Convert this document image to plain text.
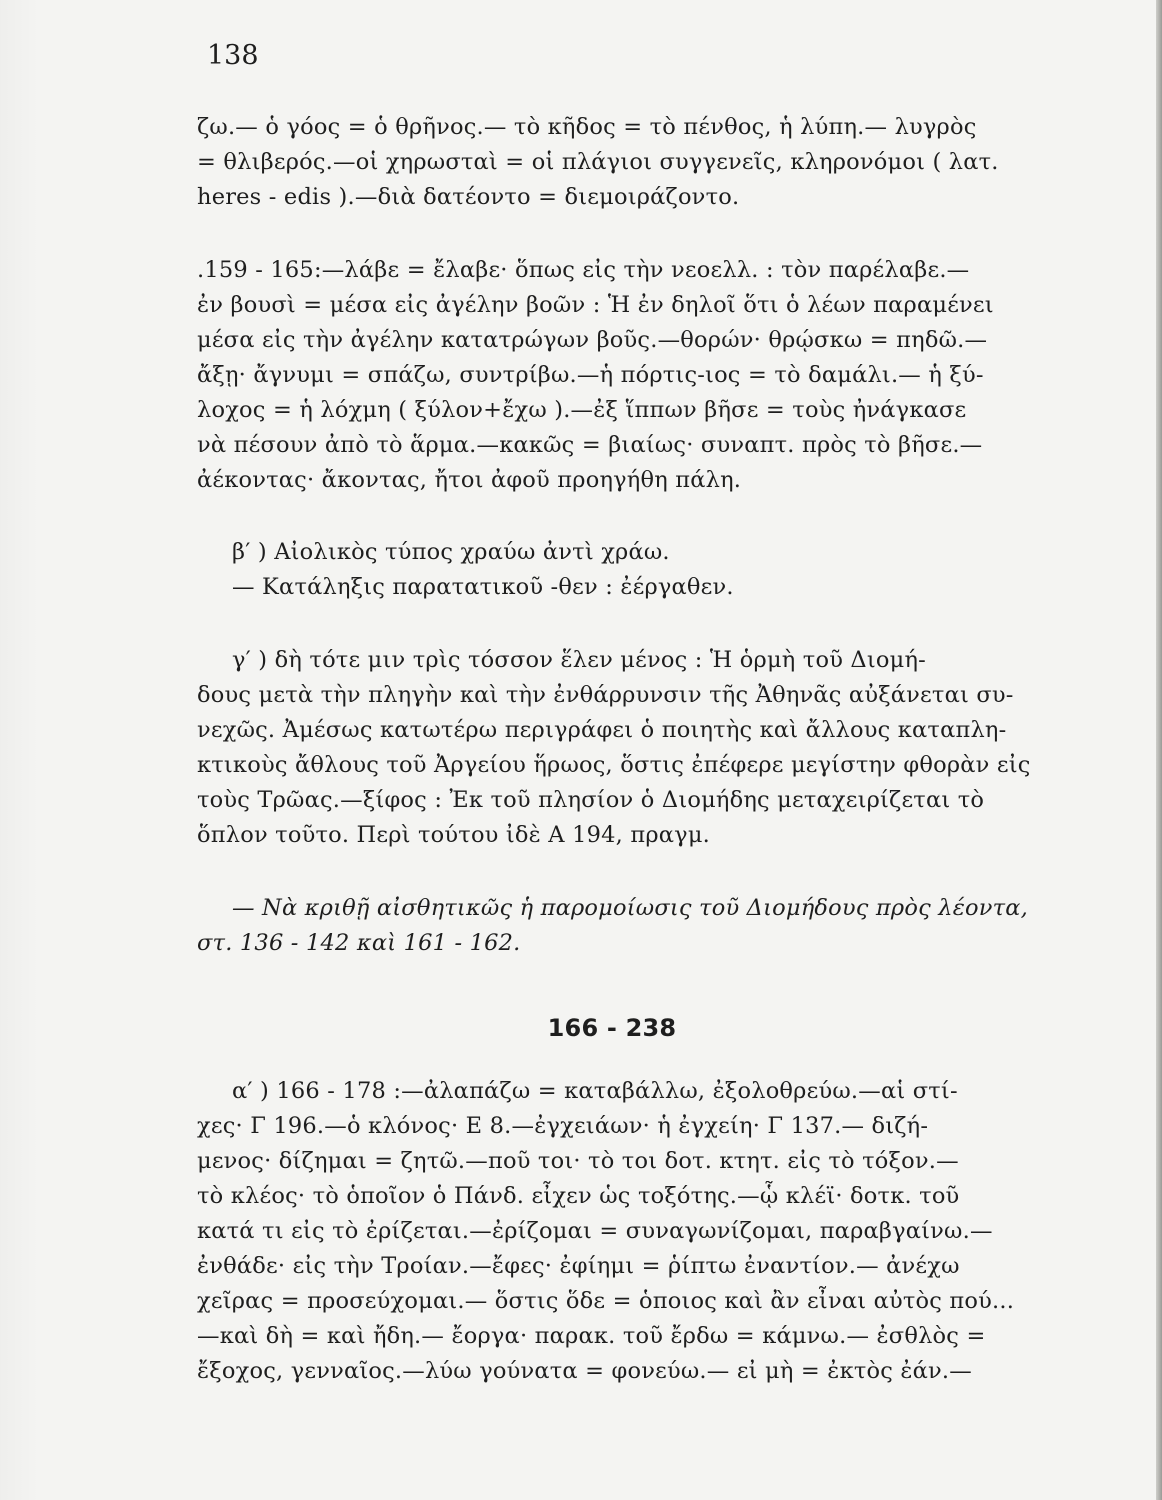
138
ζω.— ὁ γόος = ὁ θρῆνος.— τὸ κῆδος = τὸ πένθος, ἡ λύπη.— λυγρὸς
= θλιβερός.—οἱ χηρωσταὶ = οἱ πλάγιοι συγγενεῖς, κληρονόμοι ( λατ.
heres - edis ).—διὰ δατέοντο = διεμοιράζοντο.
.159 - 165:—λάβε = ἔλαβε· ὅπως εἰς τὴν νεοελλ. : τὸν παρέλαβε.—
ἐν βουσὶ = μέσα εἰς ἀγέλην βοῶν : Ἡ ἐν δηλοῖ ὅτι ὁ λέων παραμένει
μέσα εἰς τὴν ἀγέλην κατατρώγων βοῦς.—θορών· θρῴσκω = πηδῶ.—
ἄξῃ· ἄγνυμι = σπάζω, συντρίβω.—ἡ πόρτις-ιος = τὸ δαμάλι.— ἡ ξύ-
λοχος = ἡ λόχμη ( ξύλον+ἔχω ).—ἐξ ἵππων βῆσε = τοὺς ἠνάγκασε
νὰ πέσουν ἀπὸ τὸ ἅρμα.—κακῶς = βιαίως· συναπτ. πρὸς τὸ βῆσε.—
ἀέκοντας· ἄκοντας, ἤτοι ἀφοῦ προηγήθη πάλη.
β′ ) Αἰολικὸς τύπος χραύω ἀντὶ χράω.
— Κατάληξις παρατατικοῦ -θεν : ἐέργαθεν.
γ′ ) δὴ τότε μιν τρὶς τόσσον ἕλεν μένος : Ἡ ὁρμὴ τοῦ Διομή-
δους μετὰ τὴν πληγὴν καὶ τὴν ἐνθάρρυνσιν τῆς Ἀθηνᾶς αὐξάνεται συ-
νεχῶς. Ἀμέσως κατωτέρω περιγράφει ὁ ποιητὴς καὶ ἄλλους καταπλη-
κτικοὺς ἄθλους τοῦ Ἀργείου ἥρωος, ὅστις ἐπέφερε μεγίστην φθορὰν εἰς
τοὺς Τρῶας.—ξίφος : Ἐκ τοῦ πλησίον ὁ Διομήδης μεταχειρίζεται τὸ
ὅπλον τοῦτο. Περὶ τούτου ἰδὲ Α 194, πραγμ.
— Νὰ κριθῇ αἰσθητικῶς ἡ παρομοίωσις τοῦ Διομήδους πρὸς λέοντα,
στ. 136 - 142 καὶ 161 - 162.
166 - 238
α′ ) 166 - 178 :—ἀλαπάζω = καταβάλλω, ἐξολοθρεύω.—αἱ στί-
χες· Γ 196.—ὁ κλόνος· Ε 8.—ἐγχειάων· ἡ ἐγχείη· Γ 137.— διζή-
μενος· δίζημαι = ζητῶ.—ποῦ τοι· τὸ τοι δοτ. κτητ. εἰς τὸ τόξον.—
τὸ κλέος· τὸ ὁποῖον ὁ Πάνδ. εἶχεν ὡς τοξότης.—ᾧ κλέϊ· δοτκ. τοῦ
κατά τι εἰς τὸ ἐρίζεται.—ἐρίζομαι = συναγωνίζομαι, παραβγαίνω.—
ἐνθάδε· εἰς τὴν Τροίαν.—ἔφες· ἐφίημι = ῥίπτω ἐναντίον.— ἀνέχω
χεῖρας = προσεύχομαι.— ὅστις ὅδε = ὁποιος καὶ ἂν εἶναι αὐτὸς πού...
—καὶ δὴ = καὶ ἤδη.— ἔοργα· παρακ. τοῦ ἔρδω = κάμνω.— ἐσθλὸς =
ἔξοχος, γενναῖος.—λύω γούνατα = φονεύω.— εἰ μὴ = ἐκτὸς ἐάν.—
